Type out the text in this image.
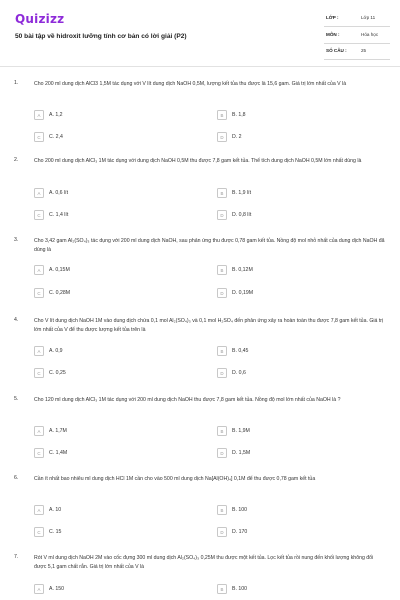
Quizizz
50 bài tập về hidroxit lưỡng tính cơ bản có lời giải (P2)
LỚP :	Lớp 11
MÔN :	Hóa học
SỐ CÂU :	25
1.	Cho 200 ml dung dịch AlCl3 1,5M tác dụng với V lít dung dịch NaOH 0,5M, lượng kết tủa thu được là 15,6 gam. Giá trị lớn nhất của V là
A	A. 1,2	B	B. 1,8
C	C. 2,4	D	D. 2
2.	Cho 200 ml dung dịch AlCl₃ 1M tác dụng với dung dịch NaOH 0,5M thu được 7,8 gam kết tủa. Thể tích dung dịch NaOH 0,5M lớn nhất dùng là
A	A. 0,6 lít	B	B. 1,9 lít
C	C. 1,4 lít	D	D. 0,8 lít
3.	Cho 3,42 gam Al₂(SO₄)₃ tác dụng với 200 ml dung dịch NaOH, sau phản ứng thu được 0,78 gam kết tủa. Nồng độ mol nhỏ nhất của dung dịch NaOH đã dùng là
A	A. 0,15M	B	B. 0,12M
C	C. 0,28M	D	D. 0,19M
4.	Cho V lít dung dịch NaOH 1M vào dung dịch chứa 0,1 mol Al₂(SO₄)₃ và 0,1 mol H₂SO₄ đến phản ứng xảy ra hoàn toàn thu được 7,8 gam kết tủa. Giá trị lớn nhất của V để thu được lượng kết tủa trên là
A	A. 0,9	B	B. 0,45
C	C. 0,25	D	D. 0,6
5.	Cho 120 ml dung dịch AlCl₃ 1M tác dụng với 200 ml dung dịch NaOH thu được 7,8 gam kết tủa. Nồng độ mol lớn nhất của NaOH là ?
A	A. 1,7M	B	B. 1,9M
C	C. 1,4M	D	D. 1,5M
6.	Cần ít nhất bao nhiêu ml dung dịch HCl 1M cần cho vào 500 ml dung dịch Na[Al(OH)₄] 0,1M để thu được 0,78 gam kết tủa
A	A. 10	B	B. 100
C	C. 15	D	D. 170
7.	Rót V ml dung dịch NaOH 2M vào cốc đựng 300 ml dung dịch Al₂(SO₄)₃ 0,25M thu được một kết tủa. Lọc kết tủa rồi nung đến khối lượng không đổi được 5,1 gam chất rắn. Giá trị lớn nhất của V là
A	A. 150	B	B. 100
